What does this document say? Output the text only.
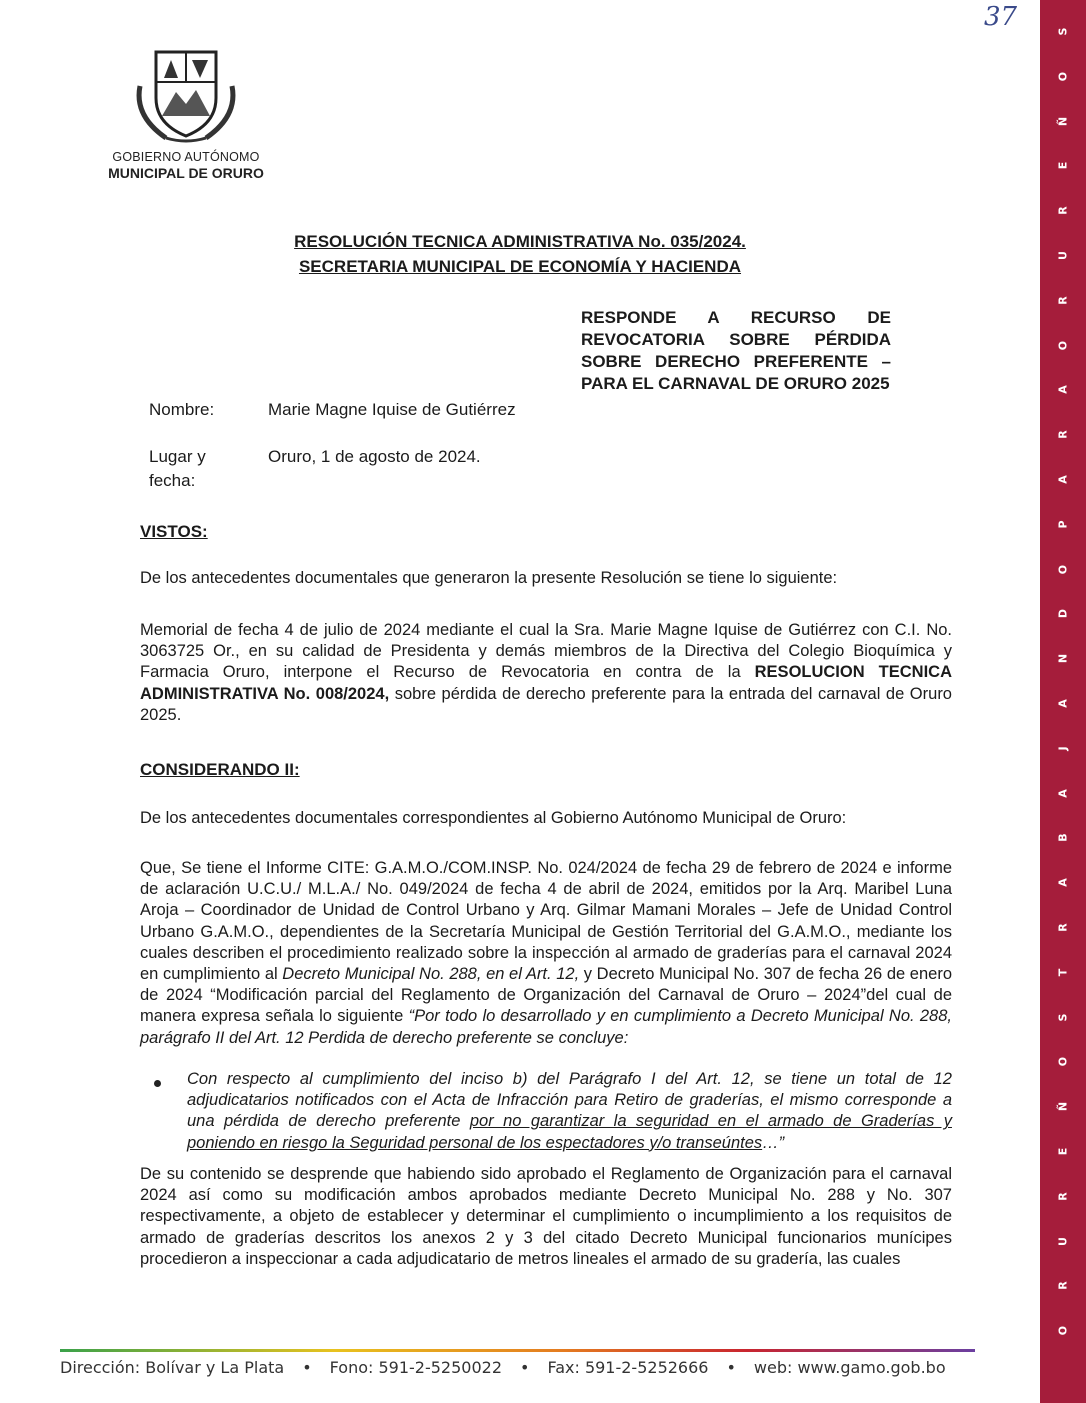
37	S
O
Ñ
E
R
U
R
O
A
R
A
P
O
D
N
A
J
A
B
A
R
T
S
O
Ñ
E
R
U
R
O
GOBIERNO AUTÓNOMO
MUNICIPAL DE ORURO
RESOLUCIÓN TECNICA ADMINISTRATIVA No. 035/2024.
SECRETARIA MUNICIPAL DE ECONOMÍA Y HACIENDA
RESPONDE A RECURSO DE
REVOCATORIA SOBRE PÉRDIDA
SOBRE DERECHO PREFERENTE –
PARA EL CARNAVAL DE ORURO 2025
Nombre:	Marie Magne Iquise de Gutiérrez
Lugar y
fecha:
Oruro, 1 de agosto de 2024.
VISTOS:

De los antecedentes documentales que generaron la presente Resolución se tiene lo siguiente:

Memorial de fecha 4 de julio de 2024 mediante el cual la Sra. Marie Magne Iquise de Gutiérrez con C.I. No. 3063725 Or., en su calidad de Presidenta y demás miembros de la Directiva del Colegio Bioquímica y Farmacia Oruro, interpone el Recurso de Revocatoria en contra de la RESOLUCION TECNICA ADMINISTRATIVA No. 008/2024, sobre pérdida de derecho preferente para la entrada del carnaval de Oruro 2025.

CONSIDERANDO II:

De los antecedentes documentales correspondientes al Gobierno Autónomo Municipal de Oruro:

Que, Se tiene el Informe CITE: G.A.M.O./COM.INSP. No. 024/2024 de fecha 29 de febrero de 2024 e informe de aclaración U.C.U./ M.L.A./ No. 049/2024 de fecha 4 de abril de 2024, emitidos por la Arq. Maribel Luna Aroja – Coordinador de Unidad de Control Urbano y Arq. Gilmar Mamani Morales – Jefe de Unidad Control Urbano G.A.M.O., dependientes de la Secretaría Municipal de Gestión Territorial del G.A.M.O., mediante los cuales describen el procedimiento realizado sobre la inspección al armado de graderías para el carnaval 2024 en cumplimiento al Decreto Municipal No. 288, en el Art. 12, y Decreto Municipal No. 307 de fecha 26 de enero de 2024 “Modificación parcial del Reglamento de Organización del Carnaval de Oruro – 2024”del cual de manera expresa señala lo siguiente “Por todo lo desarrollado y en cumplimiento a Decreto Municipal No. 288, parágrafo II del Art. 12 Perdida de derecho preferente se concluye:

Con respecto al cumplimiento del inciso b) del Parágrafo I del Art. 12, se tiene un total de 12 adjudicatarios notificados con el Acta de Infracción para Retiro de graderías, el mismo corresponde a una pérdida de derecho preferente por no garantizar la seguridad en el armado de Graderías y poniendo en riesgo la Seguridad personal de los espectadores y/o transeúntes…”

De su contenido se desprende que habiendo sido aprobado el Reglamento de Organización para el carnaval 2024 así como su modificación ambos aprobados mediante Decreto Municipal No. 288 y No. 307 respectivamente, a objeto de establecer y determinar el cumplimiento o incumplimiento a los requisitos de armado de graderías descritos los anexos 2 y 3 del citado Decreto Municipal funcionarios munícipes procedieron a inspeccionar a cada adjudicatario de metros lineales el armado de su gradería, las cuales

Dirección: Bolívar y La Plata • Fono: 591-2-5250022 • Fax: 591-2-5252666 • web: www.gamo.gob.bo
